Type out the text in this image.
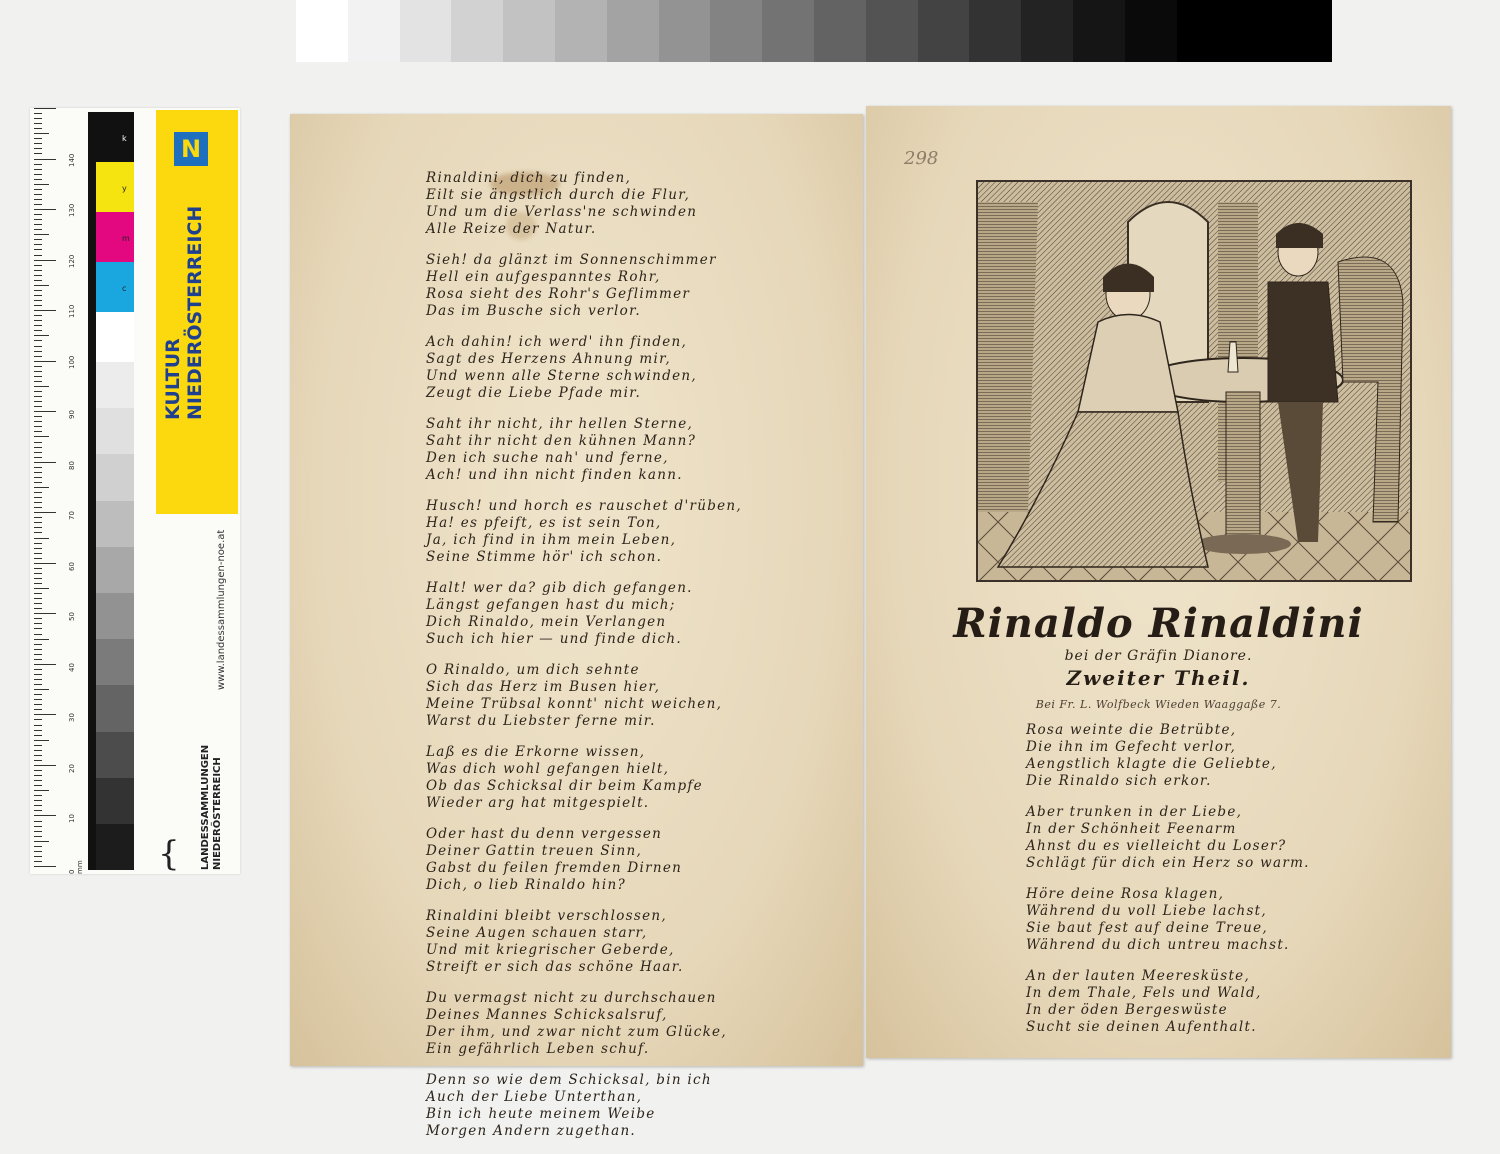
0 mm
10
20
30
40
50
60
70
80
90
100
110
120
130
140
k
y
m
c
N
KULTUR NIEDERÖSTERREICH
www.landessammlungen-noe.at
{ LANDESSAMMLUNGEN NIEDERÖSTERREICH
Rinaldini, dich zu finden,
Eilt sie ängstlich durch die Flur,
Und um die Verlass'ne schwinden
Alle Reize der Natur.
Sieh! da glänzt im Sonnenschimmer
Hell ein aufgespanntes Rohr,
Rosa sieht des Rohr's Geflimmer
Das im Busche sich verlor.
Ach dahin! ich werd' ihn finden,
Sagt des Herzens Ahnung mir,
Und wenn alle Sterne schwinden,
Zeugt die Liebe Pfade mir.
Saht ihr nicht, ihr hellen Sterne,
Saht ihr nicht den kühnen Mann?
Den ich suche nah' und ferne,
Ach! und ihn nicht finden kann.
Husch! und horch es rauschet d'rüben,
Ha! es pfeift, es ist sein Ton,
Ja, ich find in ihm mein Leben,
Seine Stimme hör' ich schon.
Halt! wer da? gib dich gefangen.
Längst gefangen hast du mich;
Dich Rinaldo, mein Verlangen
Such ich hier — und finde dich.
O Rinaldo, um dich sehnte
Sich das Herz im Busen hier,
Meine Trübsal konnt' nicht weichen,
Warst du Liebster ferne mir.
Laß es die Erkorne wissen,
Was dich wohl gefangen hielt,
Ob das Schicksal dir beim Kampfe
Wieder arg hat mitgespielt.
Oder hast du denn vergessen
Deiner Gattin treuen Sinn,
Gabst du feilen fremden Dirnen
Dich, o lieb Rinaldo hin?
Rinaldini bleibt verschlossen,
Seine Augen schauen starr,
Und mit kriegrischer Geberde,
Streift er sich das schöne Haar.
Du vermagst nicht zu durchschauen
Deines Mannes Schicksalsruf,
Der ihm, und zwar nicht zum Glücke,
Ein gefährlich Leben schuf.
Denn so wie dem Schicksal, bin ich
Auch der Liebe Unterthan,
Bin ich heute meinem Weibe
Morgen Andern zugethan.
298
Rinaldo Rinaldini
bei der Gräfin Dianore.
Zweiter Theil.
Bei Fr. L. Wolfbeck Wieden Waaggaße 7.
Rosa weinte die Betrübte,
Die ihn im Gefecht verlor,
Aengstlich klagte die Geliebte,
Die Rinaldo sich erkor.
Aber trunken in der Liebe,
In der Schönheit Feenarm
Ahnst du es vielleicht du Loser?
Schlägt für dich ein Herz so warm.
Höre deine Rosa klagen,
Während du voll Liebe lachst,
Sie baut fest auf deine Treue,
Während du dich untreu machst.
An der lauten Meeresküste,
In dem Thale, Fels und Wald,
In der öden Bergeswüste
Sucht sie deinen Aufenthalt.
